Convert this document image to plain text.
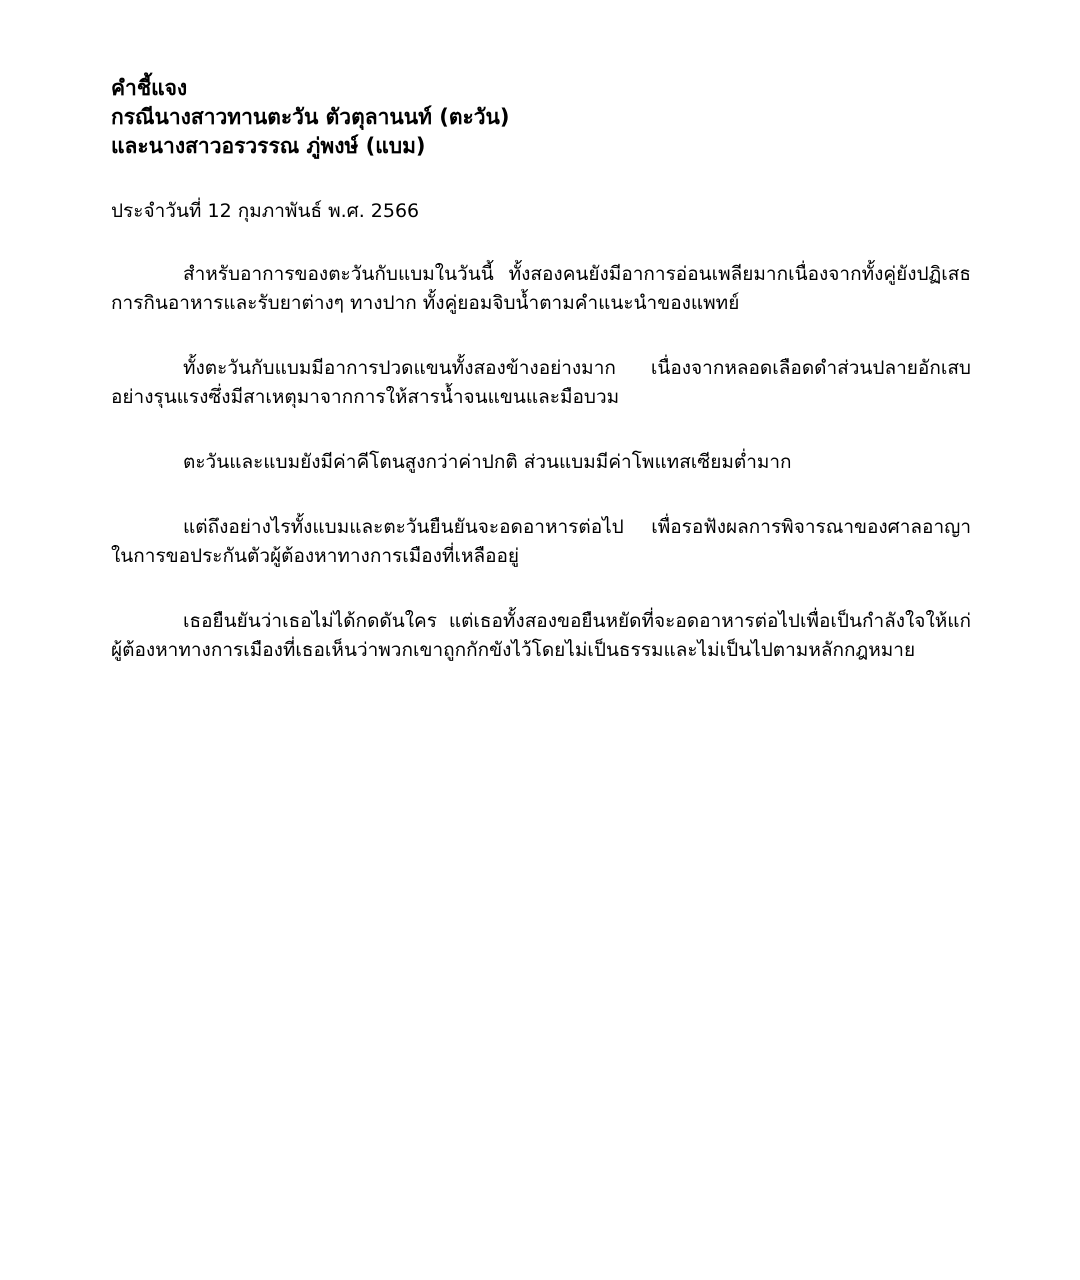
คำชี้แจง
กรณีนางสาวทานตะวัน ตัวตุลานนท์ (ตะวัน)
และนางสาวอรวรรณ ภู่พงษ์ (แบม)
ประจำวันที่ 12 กุมภาพันธ์ พ.ศ. 2566

สำหรับอาการของตะวันกับแบมในวันนี้ ทั้งสองคนยังมีอาการอ่อนเพลียมากเนื่องจากทั้งคู่ยังปฏิเสธการกินอาหารและรับยาต่างๆ ทางปาก ทั้งคู่ยอมจิบน้ำตามคำแนะนำของแพทย์

ทั้งตะวันกับแบมมีอาการปวดแขนทั้งสองข้างอย่างมาก เนื่องจากหลอดเลือดดำส่วนปลายอักเสบอย่างรุนแรงซึ่งมีสาเหตุมาจากการให้สารน้ำจนแขนและมือบวม

ตะวันและแบมยังมีค่าคีโตนสูงกว่าค่าปกติ ส่วนแบมมีค่าโพแทสเซียมต่ำมาก

แต่ถึงอย่างไรทั้งแบมและตะวันยืนยันจะอดอาหารต่อไป เพื่อรอฟังผลการพิจารณาของศาลอาญาในการขอประกันตัวผู้ต้องหาทางการเมืองที่เหลืออยู่

เธอยืนยันว่าเธอไม่ได้กดดันใคร แต่เธอทั้งสองขอยืนหยัดที่จะอดอาหารต่อไปเพื่อเป็นกำลังใจให้แก่ผู้ต้องหาทางการเมืองที่เธอเห็นว่าพวกเขาถูกกักขังไว้โดยไม่เป็นธรรมและไม่เป็นไปตามหลักกฎหมาย
